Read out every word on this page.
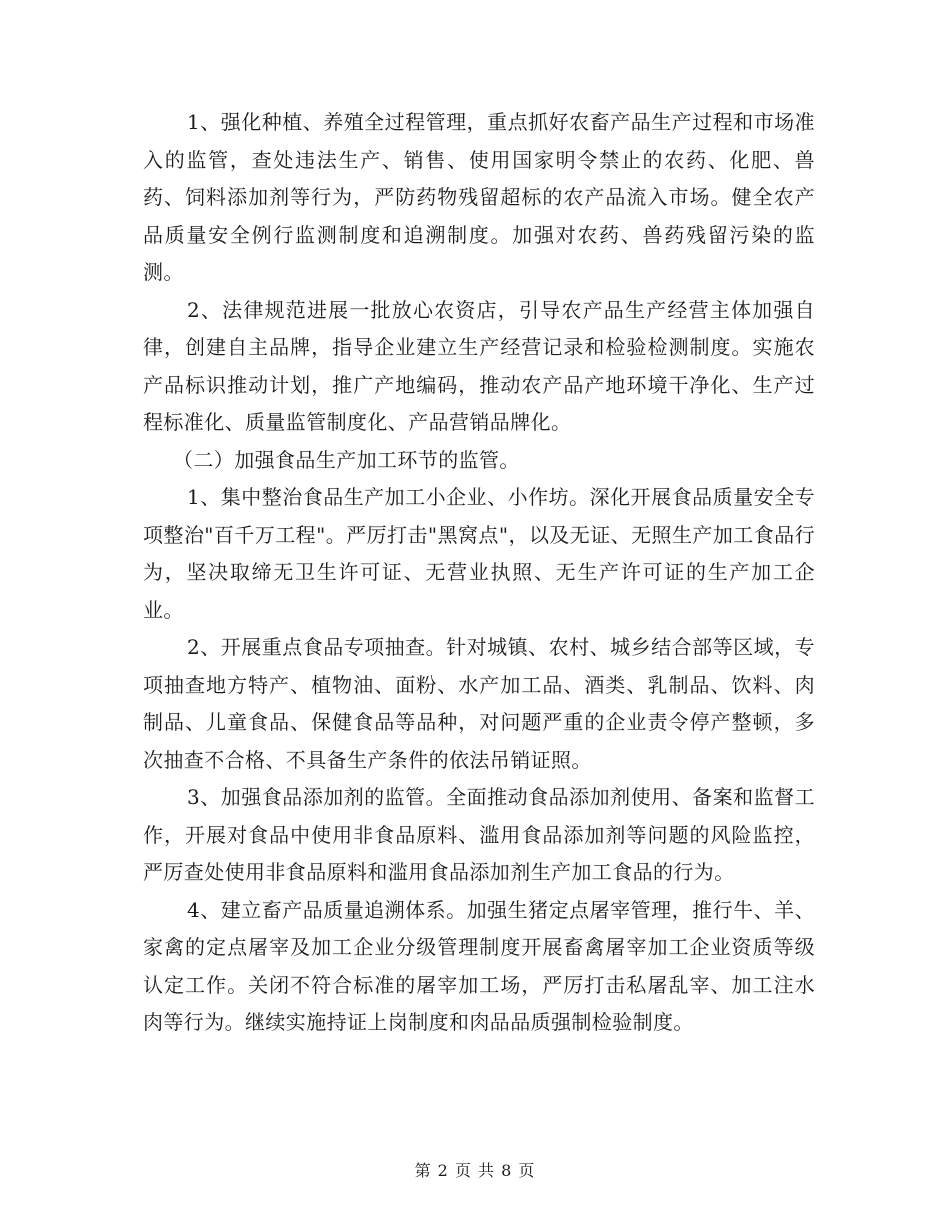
1、强化种植、养殖全过程管理，重点抓好农畜产品生产过程和市场准入的监管，查处违法生产、销售、使用国家明令禁止的农药、化肥、兽药、饲料添加剂等行为，严防药物残留超标的农产品流入市场。健全农产品质量安全例行监测制度和追溯制度。加强对农药、兽药残留污染的监测。

2、法律规范进展一批放心农资店，引导农产品生产经营主体加强自律，创建自主品牌，指导企业建立生产经营记录和检验检测制度。实施农产品标识推动计划，推广产地编码，推动农产品产地环境干净化、生产过程标准化、质量监管制度化、产品营销品牌化。

（二）加强食品生产加工环节的监管。

1、集中整治食品生产加工小企业、小作坊。深化开展食品质量安全专项整治"百千万工程"。严厉打击"黑窝点"，以及无证、无照生产加工食品行为，坚决取缔无卫生许可证、无营业执照、无生产许可证的生产加工企业。

2、开展重点食品专项抽查。针对城镇、农村、城乡结合部等区域，专项抽查地方特产、植物油、面粉、水产加工品、酒类、乳制品、饮料、肉制品、儿童食品、保健食品等品种，对问题严重的企业责令停产整顿，多次抽查不合格、不具备生产条件的依法吊销证照。

3、加强食品添加剂的监管。全面推动食品添加剂使用、备案和监督工作，开展对食品中使用非食品原料、滥用食品添加剂等问题的风险监控，严厉查处使用非食品原料和滥用食品添加剂生产加工食品的行为。

4、建立畜产品质量追溯体系。加强生猪定点屠宰管理，推行牛、羊、家禽的定点屠宰及加工企业分级管理制度开展畜禽屠宰加工企业资质等级认定工作。关闭不符合标准的屠宰加工场，严厉打击私屠乱宰、加工注水肉等行为。继续实施持证上岗制度和肉品品质强制检验制度。

第 2 页 共 8 页
